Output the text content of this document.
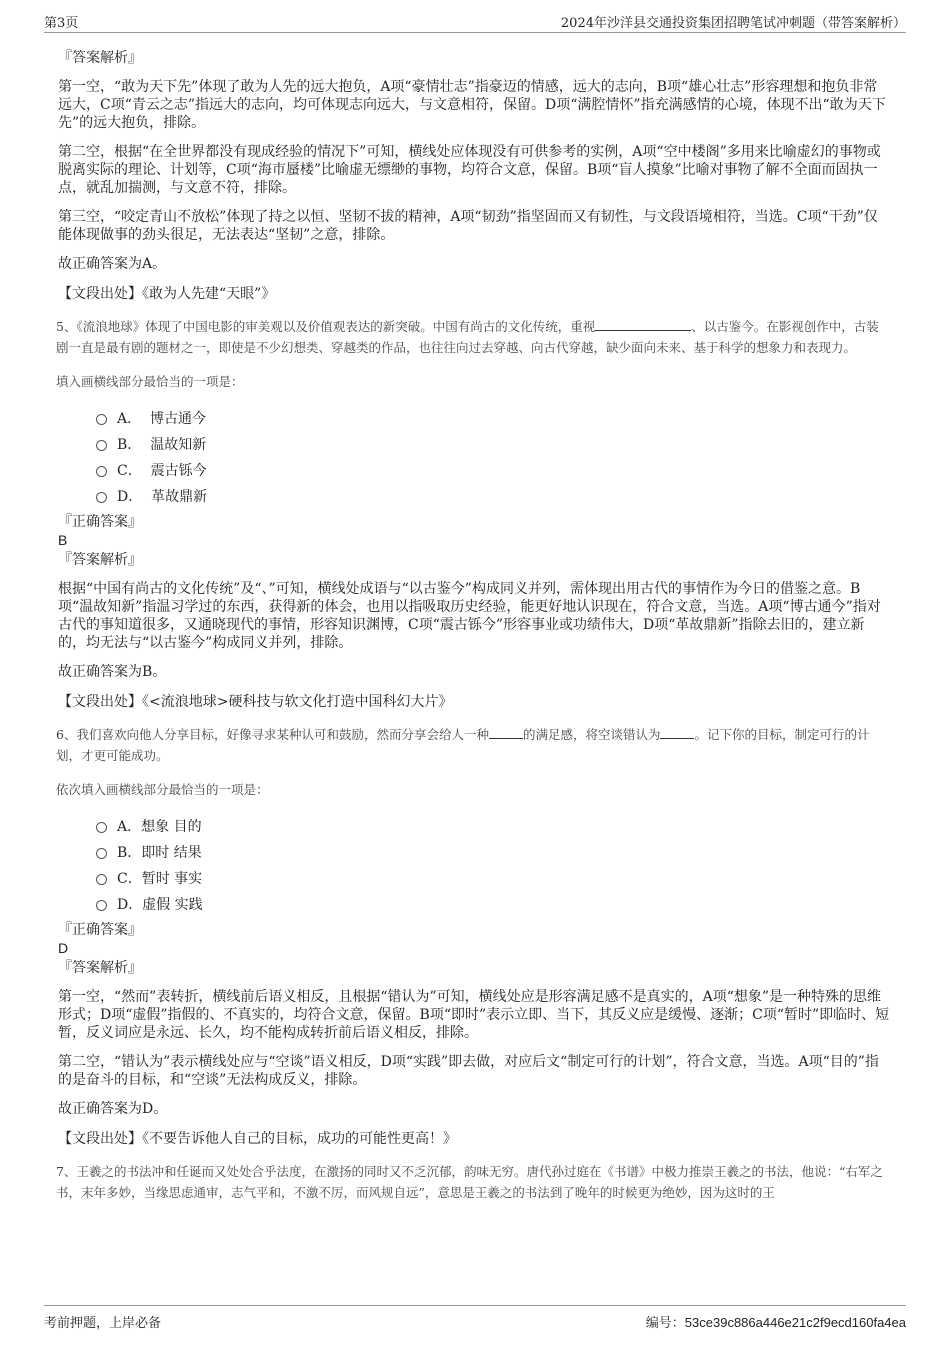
第3页	2024年沙洋县交通投资集团招聘笔试冲刺题（带答案解析）
『答案解析』

第一空，“敢为天下先”体现了敢为人先的远大抱负，A项“豪情壮志”指豪迈的情感，远大的志向，B项“雄心壮志”形容理想和抱负非常远大，C项“青云之志”指远大的志向，均可体现志向远大，与文意相符，保留。D项“满腔情怀”指充满感情的心境，体现不出“敢为天下先”的远大抱负，排除。

第二空，根据“在全世界都没有现成经验的情况下”可知，横线处应体现没有可供参考的实例，A项“空中楼阁”多用来比喻虚幻的事物或脱离实际的理论、计划等，C项“海市蜃楼”比喻虚无缥缈的事物，均符合文意，保留。B项“盲人摸象”比喻对事物了解不全面而固执一点，就乱加揣测，与文意不符，排除。

第三空，“咬定青山不放松”体现了持之以恒、坚韧不拔的精神，A项“韧劲”指坚固而又有韧性，与文段语境相符，当选。C项“干劲”仅能体现做事的劲头很足，无法表达“坚韧”之意，排除。

故正确答案为A。

【文段出处】《敢为人先建“天眼”》

5、《流浪地球》体现了中国电影的审美观以及价值观表达的新突破。中国有尚古的文化传统，重视	、以古鉴今。在影视创作中，古装剧一直是最有剧的题材之一，即使是不少幻想类、穿越类的作品，也往往向过去穿越、向古代穿越，缺少面向未来、基于科学的想象力和表现力。

填入画横线部分最恰当的一项是：

A．
博古通今
B．
温故知新
C．
震古铄今
D．
革故鼎新
『正确答案』
B
『答案解析』

根据“中国有尚古的文化传统”及“、”可知，横线处成语与“以古鉴今”构成同义并列，需体现出用古代的事情作为今日的借鉴之意。B项“温故知新”指温习学过的东西，获得新的体会，也用以指吸取历史经验，能更好地认识现在，符合文意，当选。A项“博古通今”指对古代的事知道很多，又通晓现代的事情，形容知识渊博，C项“震古铄今”形容事业或功绩伟大，D项“革故鼎新”指除去旧的，建立新的，均无法与“以古鉴今”构成同义并列，排除。

故正确答案为B。

【文段出处】《<流浪地球>硬科技与软文化打造中国科幻大片》

6、我们喜欢向他人分享目标，好像寻求某种认可和鼓励，然而分享会给人一种	的满足感，将空谈错认为	。记下你的目标，制定可行的计划，才更可能成功。

依次填入画横线部分最恰当的一项是：

A． 想象 目的
B． 即时 结果
C． 暂时 事实
D． 虚假 实践
『正确答案』
D
『答案解析』

第一空，“然而”表转折，横线前后语义相反，且根据“错认为”可知，横线处应是形容满足感不是真实的，A项“想象”是一种特殊的思维形式；D项“虚假”指假的、不真实的，均符合文意，保留。B项“即时”表示立即、当下，其反义应是缓慢、逐渐；C项“暂时”即临时、短暂，反义词应是永远、长久，均不能构成转折前后语义相反，排除。

第二空，“错认为”表示横线处应与“空谈”语义相反，D项“实践”即去做，对应后文“制定可行的计划”，符合文意，当选。A项“目的”指的是奋斗的目标，和“空谈”无法构成反义，排除。

故正确答案为D。

【文段出处】《不要告诉他人自己的目标，成功的可能性更高！》

7、王羲之的书法冲和任诞而又处处合乎法度，在激扬的同时又不乏沉郁，韵味无穷。唐代孙过庭在《书谱》中极力推崇王羲之的书法，他说：“右军之书，末年多妙，当缘思虑通审，志气平和，不激不厉，而风规自远”，意思是王羲之的书法到了晚年的时候更为绝妙，因为这时的王

考前押题，上岸必备	编号：53ce39c886a446e21c2f9ecd160fa4ea
